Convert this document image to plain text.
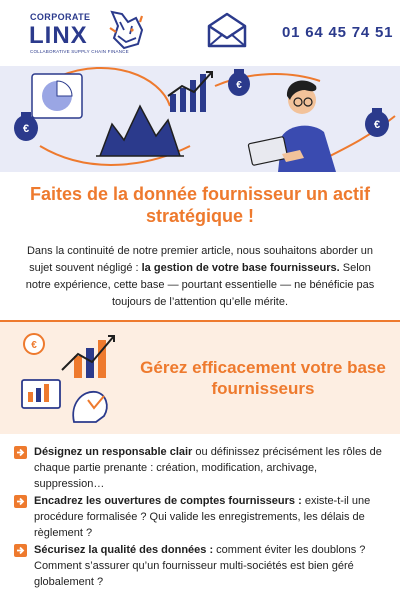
CORPORATE
LINX
COLLABORATIVE SUPPLY CHAIN FINANCE
01 64 45 74 51
€
€
€
Faites de la donnée fournisseur un actif stratégique !

Dans la continuité de notre premier article, nous souhaitons aborder un sujet souvent négligé : la gestion de votre base fournisseurs. Selon notre expérience, cette base — pourtant essentielle — ne bénéficie pas toujours de l’attention qu’elle mérite.

€
Gérez efficacement votre base fournisseurs
Désignez un responsable clair ou définissez précisément les rôles de chaque partie prenante : création, modification, archivage, suppression…
Encadrez les ouvertures de comptes fournisseurs : existe-t-il une procédure formalisée ? Qui valide les enregistrements, les délais de règlement ?
Sécurisez la qualité des données : comment éviter les doublons ?
Comment s’assurer qu’un fournisseur multi-sociétés est bien géré globalement ?
